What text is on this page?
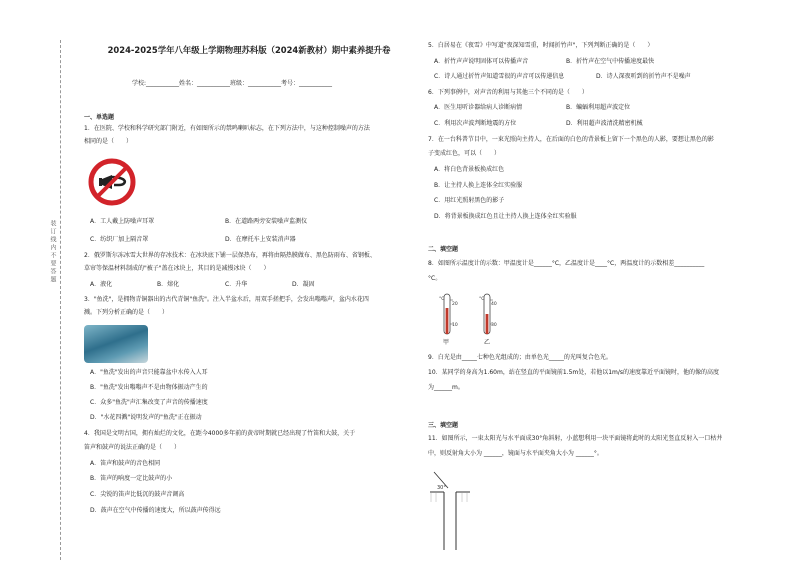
装订线内不要答题
2024-2025学年八年级上学期物理苏科版（2024新教材）期中素养提升卷
学校:___________姓名：___________班级：___________考号：___________
一、单选题
1．在医院、学校和科学研究部门附近，有如图所示的禁鸣喇叭标志，在下列方法中，与这种控制噪声的方法
相同的是（　　）
A．工人戴上防噪声耳罩	B．在道路两旁安装噪声监测仪
C．纺织厂加上隔音罩	D．在摩托车上安装消声器
2．俄罗斯尔冻冰雪大世界的存冰技术：在冰块底下铺一层保热布，再将由隔热膜做布、黑色防雨布、省钢板、
草帘等保温材料制成的"被子"盖在冰块上，其目的是减慢冰块（　　）
A．液化	B．熔化	C．升华	D．凝固
3．"鱼洗"，是拥物青铜器出的古代青铜"鱼洗"。注入半盆水后，用双手搓把手，会发出嗡嗡声，盆内水花四
溅。下列分析正确的是（　　）
A．"鱼洗"发出的声音只能靠盆中水传入人耳
B．"鱼洗"发出嗡嗡声不是由物体振动产生的
C．众多"鱼洗"声汇集改变了声音的传播速度
D．"水花四溅"说明发声的"鱼洗"正在振动
4．我国是文明古国，拥有灿烂的文化，在距今4000多年前的黄帝时期就已经出现了竹笛和大鼓，关于
笛声和鼓声的说法正确的是（　　）
A．笛声和鼓声的音色相同
B．笛声的响度一定比鼓声的小
C．尖锐的笛声比低沉的鼓声音调高
D．鼓声在空气中传播的速度大，所以鼓声传得远
5．白居易在《夜雪》中写道"夜深知雪重，时闻折竹声"，下列判断正确的是（　　）
A．折竹声声说明固体可以传播声音	B．折竹声在空气中传播速度最快
C．诗人通过折竹声知道雪很的声音可以传递信息	D．诗人深夜听到的折竹声不是噪声
6．下列事例中，对声音的利用与其他三个不同的是（　　）
A．医生用听诊器给病人诊断病情	B．蝙蝠利用超声波定位
C．利用次声波判断地震的方位	D．利用超声波清洗精密机械
7．在一台科普节目中，一束光照向主持人，在后面的白色的背景板上留下一个黑色的人影，要想让黑色的影
子变成红色，可以（　　）
A．将白色背景板换成红色
B．让主持人换上连体全红实验服
C．用红光照射黑色的影子
D．将背景板换成红色且让主持人换上连体全红实验服
二、填空题
8．如图所示温度计的示数：甲温度计是______°C，乙温度计是____°C，两温度计的示数相差__________
°C。
°C
20
10
°C
40
30
甲	乙
9．白光是由_____七种色光组成的；由单色光_____的光叫复合色光。
10．某同学的身高为1.60m，站在竖直的平面镜前1.5m处，若他以1m/s的速度靠近平面镜时，他的像的高度
为______m。
三、填空题
11．如图所示，一束太阳光与水平面成30°角斜射，小蓝想利用一块平面镜将此时的太阳光竖直反射入一口枯井
中，则反射角大小为 ______，镜面与水平面夹角大小为 ______°。
30°
